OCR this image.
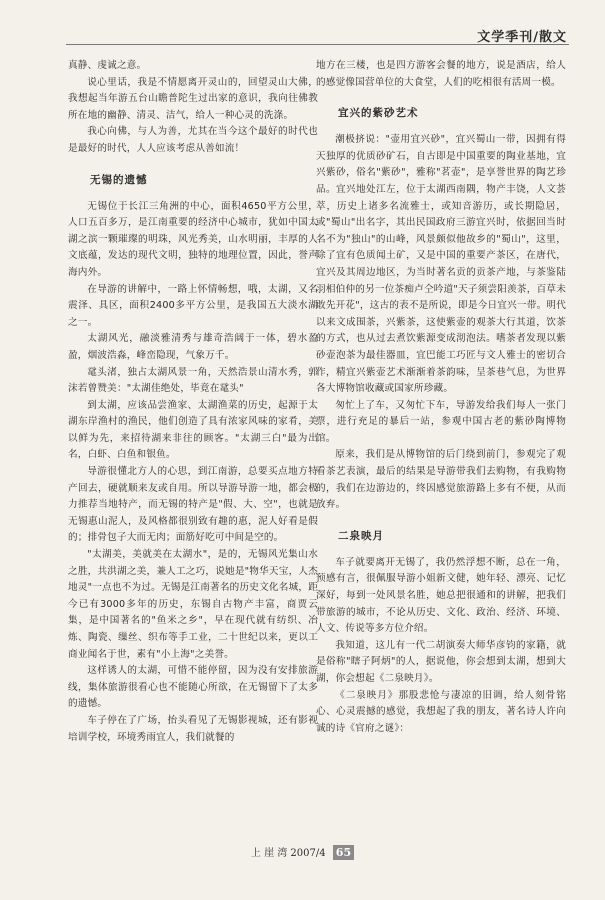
文学季刊/散文

真静、虔诚之意。

说心里话，我是不情愿离开灵山的，回望灵山大佛，我想起当年游五台山瞻普陀生过出家的意识，我向往佛教所在地的幽静、清灵、洁气，给人一种心灵的洗涤。

我心向佛，与人为善，尤其在当今这个最好的时代也是最好的时代，人人应该考虑从善如流！

无锡的遗憾

无锡位于长江三角洲的中心，面积4650平方公里，人口五百多万，是江南重要的经济中心城市，犹如中国太湖之滨一颗璀璨的明珠，风光秀美，山水明丽，丰厚的人文底蕴，发达的现代文明，独特的地理位置，因此，誉声海内外。

在导游的讲解中，一路上怀情畅想，哦，太湖，又名震泽、具区，面积2400多平方公里，是我国五大淡水湖之一。

太湖风光，融淡雅清秀与雄奇浩阔于一体，碧水盈盈，烟波浩淼，峰峦隐现，气象万千。

鼋头渚，独占太湖风景一角，天然浩景山清水秀，郭沫若曾赞美："太湖佳绝处，毕竟在鼋头"

到太湖，应该品尝渔家、太湖渔菜的历史，起源于太湖东岸渔村的渔民，他们创造了具有浓家风味的家肴，美以鲜为先，来招待湖来非往的顾客。"太湖三白"最为出名，白虾、白鱼和银鱼。

导游很懂北方人的心思，到江南游，总要买点地方特产回去，硬就顺来友或自用。所以导游导游一地，都会极力推荐当地特产，而无锡的特产是"假、大、空"，也就是无锡惠山泥人，及风格都很别致有趣的惠，泥人好看是假的；排骨包子大而无肉；面筋好吃可中间是空的。

"太湖美，美就美在太湖水"，是的，无锡风光集山水之胜，共洪湖之美，兼人工之巧，说她是"物华天宝，人杰地灵"一点也不为过。无锡是江南著名的历史文化名城，距今已有3000多年的历史，东锡自古物产丰富，商贾云集，是中国著名的"鱼米之乡"，早在现代就有纺织、冶炼、陶瓷、缫丝、织布等手工业，二十世纪以来，更以工商业闻名于世，素有"小上海"之美誉。

这样诱人的太湖，可惜不能停留，因为没有安排旅游线，集体旅游很看心也不能随心所欲，在无锡留下了太多的遗憾。

车子停在了广场，抬头看见了无锡影视城，还有影视培训学校，环境秀雨宜人，我们就餐的

地方在三楼，也是四方游客会餐的地方，说是酒店，给人的感觉像国营单位的大食堂，人们的吃相很有活周一模。

宜兴的紫砂艺术

潮极挤说："壶用宜兴砂"，宜兴蜀山一带，因拥有得天独厚的优质砂矿石，自古即是中国重要的陶业基地，宜兴紫砂，俗名"紫砂"，雅称"茗壶"，是享誉世界的陶艺珍品。宜兴地处江左，位于太湖西南隅，物产丰饶，人文荟萃，历史上诸多名流雅士，或知音游历，或长期隐居，或"蜀山"出名字，其出民国政府三游宜兴时，依据回当时名不为"独山"的山峰，风景颇似他故乡的"蜀山"，这里，除了宜有色质闻土矿，又是中国的重要产茶区，在唐代，宜兴及其周边地区，为当时著名贡的贡茶产地，与茶鉴陆羽相伯仲的另一位茶痴卢仝吟道"天子须尝阳羡茶，百草未敢先开花"，这古的表不是所说，即是今日宜兴一带。明代以来文成围茶，兴紫茶，这使紫壶的观茶大行其道，饮茶的方式，也从过去煮饮紫源变成沏泡法。嗜茶者发现以紫砂壶泡茶为最佳器皿，宜巴能工巧匠与文人雅士的密切合作，精宜兴紫壶艺术渐渐着茶韵味，呈茶巷气息，为世界各大博物馆收藏或国家所珍藏。

匆忙上了车，又匆忙下车，导游发给我们每人一张门票，进行充足的暴后一站，参观中国古老的紫砂陶博物馆。

原来，我们是从博物馆的后门绕到前门，参观完了观看茶艺表演，最后的结果是导游带我们去购物，有我购物的，我们在边游边的，终因感觉旅游路上多有不便，从而放弃。

二泉映月

车子就要离开无锡了，我仍然浮想不断，总在一角，预感有言，很佩服导游小姐新文健，她年轻、漂亮、记忆深好，每到一处风景名胜，她总把很通和的讲解，把我们带旅游的城市，不论从历史、文化、政治、经济、环境、人文、传说等多方位介绍。

我知道，这儿有一代二胡演奏大师华彦钧的家籍，就是俗称"瞎子阿炳"的人，据说他，你会想到太湖，想到大湖，你会想起《二泉映月》。

《二泉映月》那股悲怆与凄凉的旧调，给人刻骨铭心、心灵震撼的感觉，我想起了我的朋友，著名诗人许向诚的诗《官府之谜》：

上 崖 湾 2007/4 65
